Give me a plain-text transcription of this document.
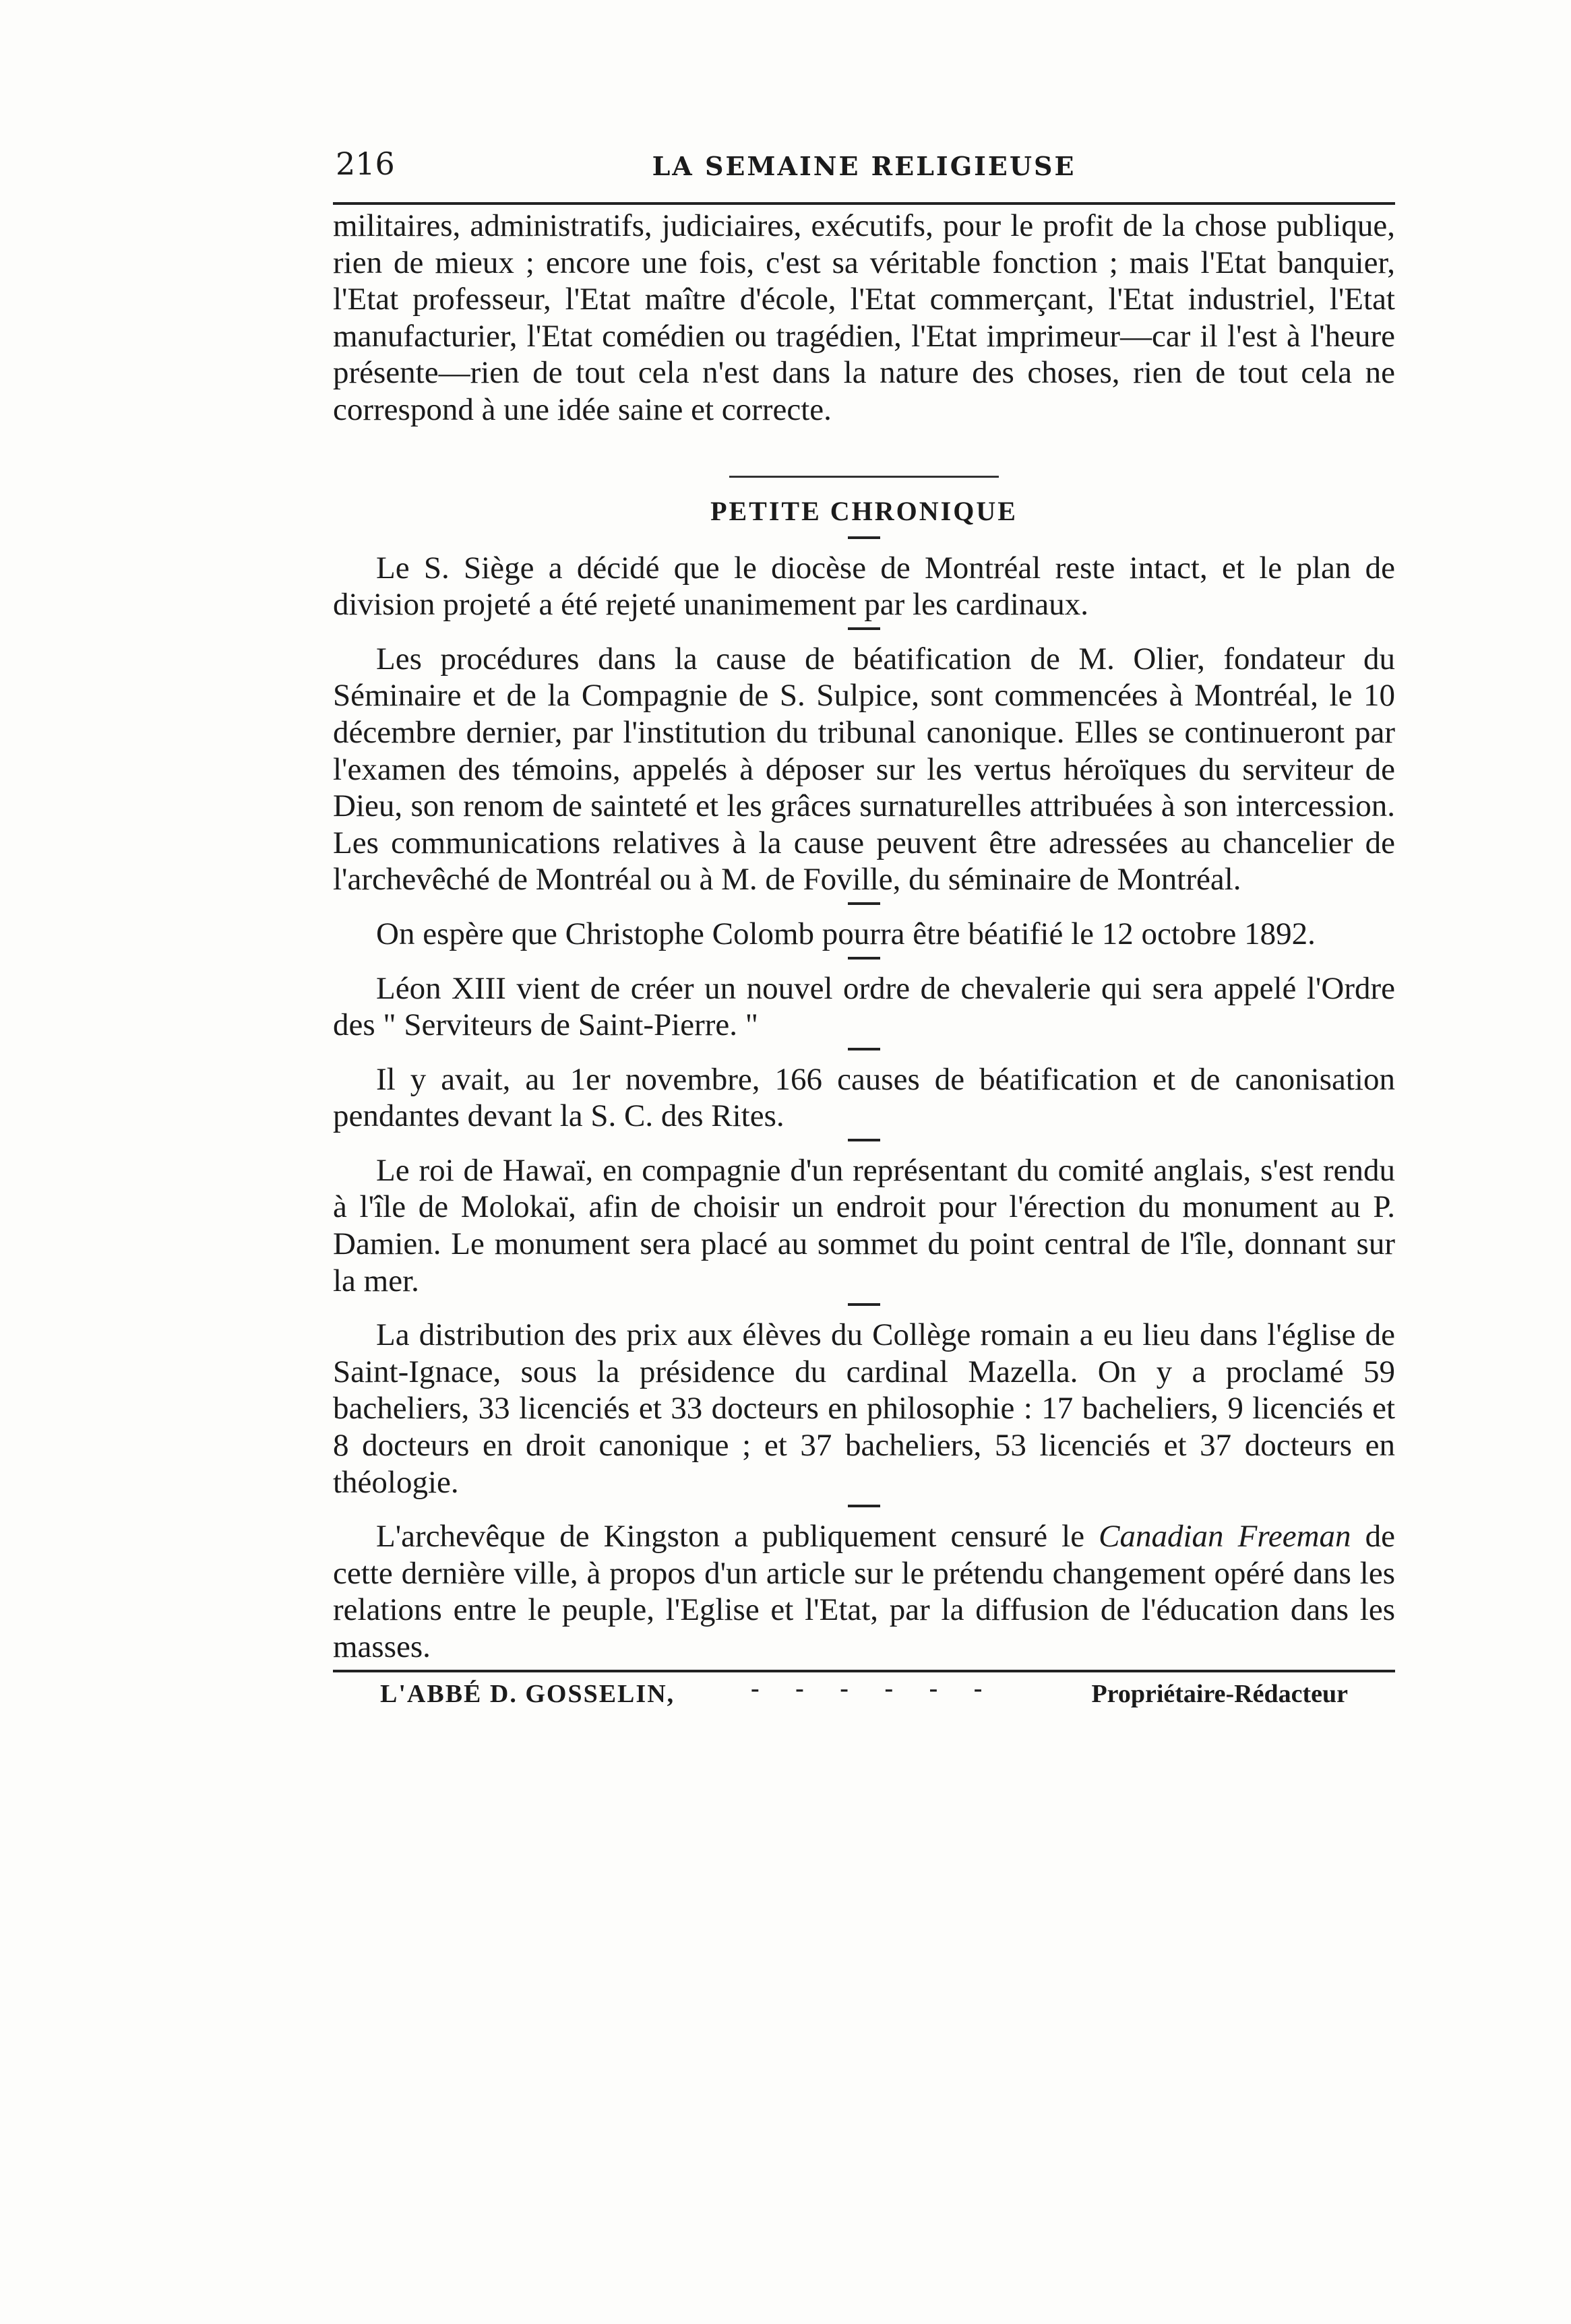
216	LA SEMAINE RELIGIEUSE

militaires, administratifs, judiciaires, exécutifs, pour le profit de la chose publique, rien de mieux ; encore une fois, c'est sa véritable fonction ; mais l'Etat banquier, l'Etat professeur, l'Etat maître d'école, l'Etat commerçant, l'Etat industriel, l'Etat manufacturier, l'Etat comédien ou tragédien, l'Etat imprimeur—car il l'est à l'heure présente—rien de tout cela n'est dans la nature des choses, rien de tout cela ne correspond à une idée saine et correcte.

PETITE CHRONIQUE

Le S. Siège a décidé que le diocèse de Montréal reste intact, et le plan de division projeté a été rejeté unanimement par les cardinaux.

Les procédures dans la cause de béatification de M. Olier, fondateur du Séminaire et de la Compagnie de S. Sulpice, sont commencées à Montréal, le 10 décembre dernier, par l'institution du tribunal canonique. Elles se continueront par l'examen des témoins, appelés à déposer sur les vertus héroïques du serviteur de Dieu, son renom de sainteté et les grâces surnaturelles attribuées à son intercession. Les communications relatives à la cause peuvent être adressées au chancelier de l'archevêché de Montréal ou à M. de Foville, du séminaire de Montréal.

On espère que Christophe Colomb pourra être béatifié le 12 octobre 1892.

Léon XIII vient de créer un nouvel ordre de chevalerie qui sera appelé l'Ordre des " Serviteurs de Saint-Pierre. "

Il y avait, au 1er novembre, 166 causes de béatification et de canonisation pendantes devant la S. C. des Rites.

Le roi de Hawaï, en compagnie d'un représentant du comité anglais, s'est rendu à l'île de Molokaï, afin de choisir un endroit pour l'érection du monument au P. Damien. Le monument sera placé au sommet du point central de l'île, donnant sur la mer.

La distribution des prix aux élèves du Collège romain a eu lieu dans l'église de Saint-Ignace, sous la présidence du cardinal Mazella. On y a proclamé 59 bacheliers, 33 licenciés et 33 docteurs en philosophie : 17 bacheliers, 9 licenciés et 8 docteurs en droit canonique ; et 37 bacheliers, 53 licenciés et 37 docteurs en théologie.

L'archevêque de Kingston a publiquement censuré le Canadian Freeman de cette dernière ville, à propos d'un article sur le prétendu changement opéré dans les relations entre le peuple, l'Eglise et l'Etat, par la diffusion de l'éducation dans les masses.

L'ABBÉ D. GOSSELIN,	- - - - - -	Propriétaire-Rédacteur
